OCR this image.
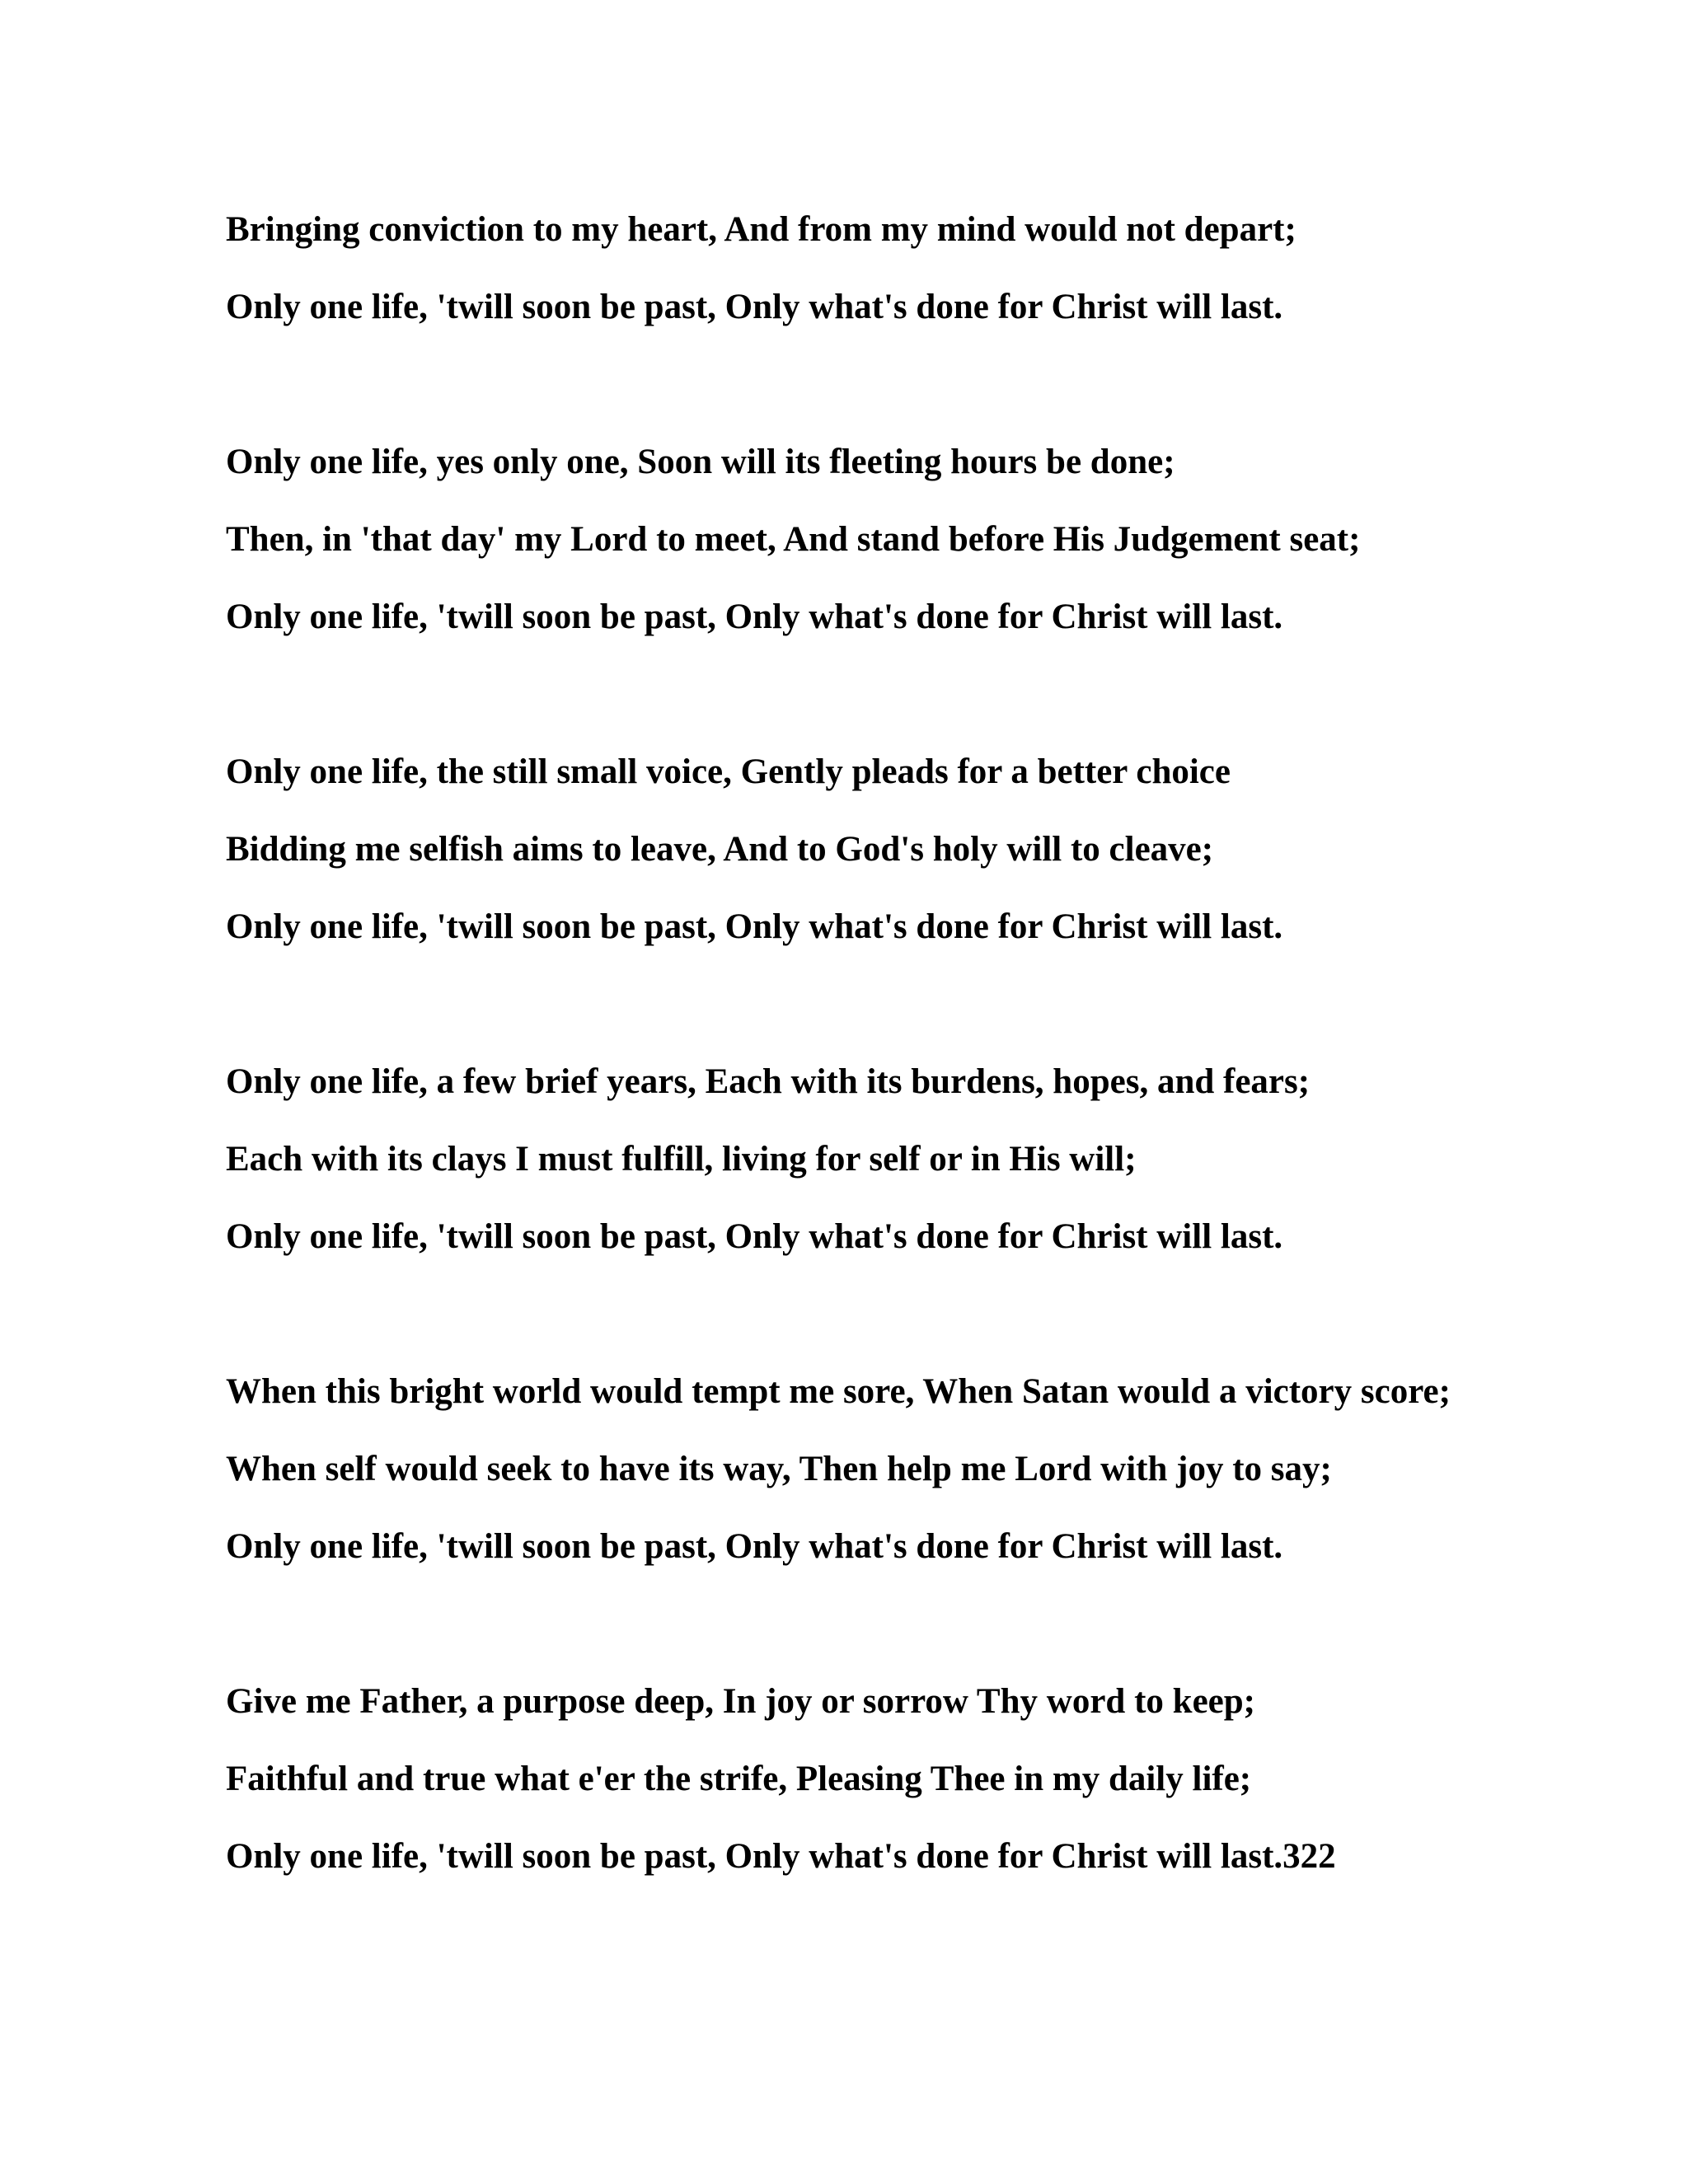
Bringing conviction to my heart, And from my mind would not depart;
Only one life, 'twill soon be past, Only what's done for Christ will last.
Only one life, yes only one, Soon will its fleeting hours be done;
Then, in 'that day' my Lord to meet, And stand before His Judgement seat;
Only one life, 'twill soon be past, Only what's done for Christ will last.
Only one life, the still small voice, Gently pleads for a better choice
Bidding me selfish aims to leave, And to God's holy will to cleave;
Only one life, 'twill soon be past, Only what's done for Christ will last.
Only one life, a few brief years, Each with its burdens, hopes, and fears;
Each with its clays I must fulfill, living for self or in His will;
Only one life, 'twill soon be past, Only what's done for Christ will last.
When this bright world would tempt me sore, When Satan would a victory score;
When self would seek to have its way, Then help me Lord with joy to say;
Only one life, 'twill soon be past, Only what's done for Christ will last.
Give me Father, a purpose deep, In joy or sorrow Thy word to keep;
Faithful and true what e'er the strife, Pleasing Thee in my daily life;
Only one life, 'twill soon be past, Only what's done for Christ will last.322
